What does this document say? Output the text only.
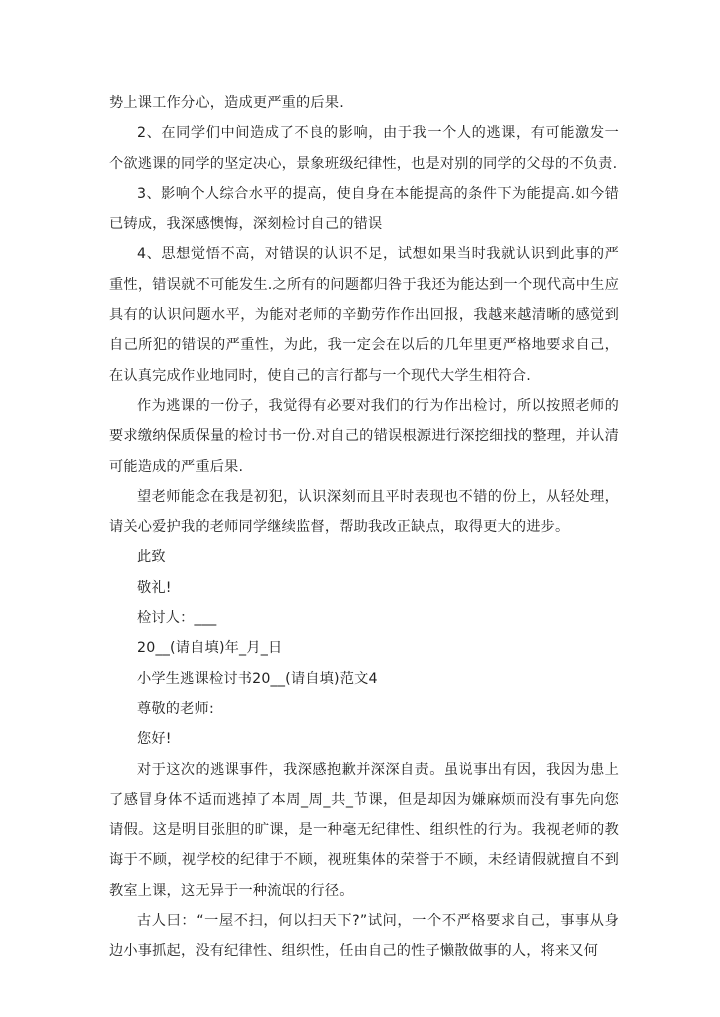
势上课工作分心，造成更严重的后果.

2、在同学们中间造成了不良的影响，由于我一个人的逃课，有可能激发一个欲逃课的同学的坚定决心，景象班级纪律性，也是对别的同学的父母的不负责.

3、影响个人综合水平的提高，使自身在本能提高的条件下为能提高.如今错已铸成，我深感懊悔，深刻检讨自己的错误

4、思想觉悟不高，对错误的认识不足，试想如果当时我就认识到此事的严重性，错误就不可能发生.之所有的问题都归咎于我还为能达到一个现代高中生应具有的认识问题水平，为能对老师的辛勤劳作作出回报，我越来越清晰的感觉到自己所犯的错误的严重性，为此，我一定会在以后的几年里更严格地要求自己，在认真完成作业地同时，使自己的言行都与一个现代大学生相符合.

作为逃课的一份子，我觉得有必要对我们的行为作出检讨，所以按照老师的要求缴纳保质保量的检讨书一份.对自己的错误根源进行深挖细找的整理，并认清可能造成的严重后果.

望老师能念在我是初犯，认识深刻而且平时表现也不错的份上，从轻处理，请关心爱护我的老师同学继续监督，帮助我改正缺点，取得更大的进步。

此致

敬礼!

检讨人：___

20__(请自填)年_月_日

小学生逃课检讨书20__(请自填)范文4

尊敬的老师:

您好!

对于这次的逃课事件，我深感抱歉并深深自责。虽说事出有因，我因为患上了感冒身体不适而逃掉了本周_周_共_节课，但是却因为嫌麻烦而没有事先向您请假。这是明目张胆的旷课，是一种毫无纪律性、组织性的行为。我视老师的教诲于不顾，视学校的纪律于不顾，视班集体的荣誉于不顾，未经请假就擅自不到教室上课，这无异于一种流氓的行径。

古人曰：“一屋不扫，何以扫天下?”试问，一个不严格要求自己，事事从身边小事抓起，没有纪律性、组织性，任由自己的性子懒散做事的人，将来又何
